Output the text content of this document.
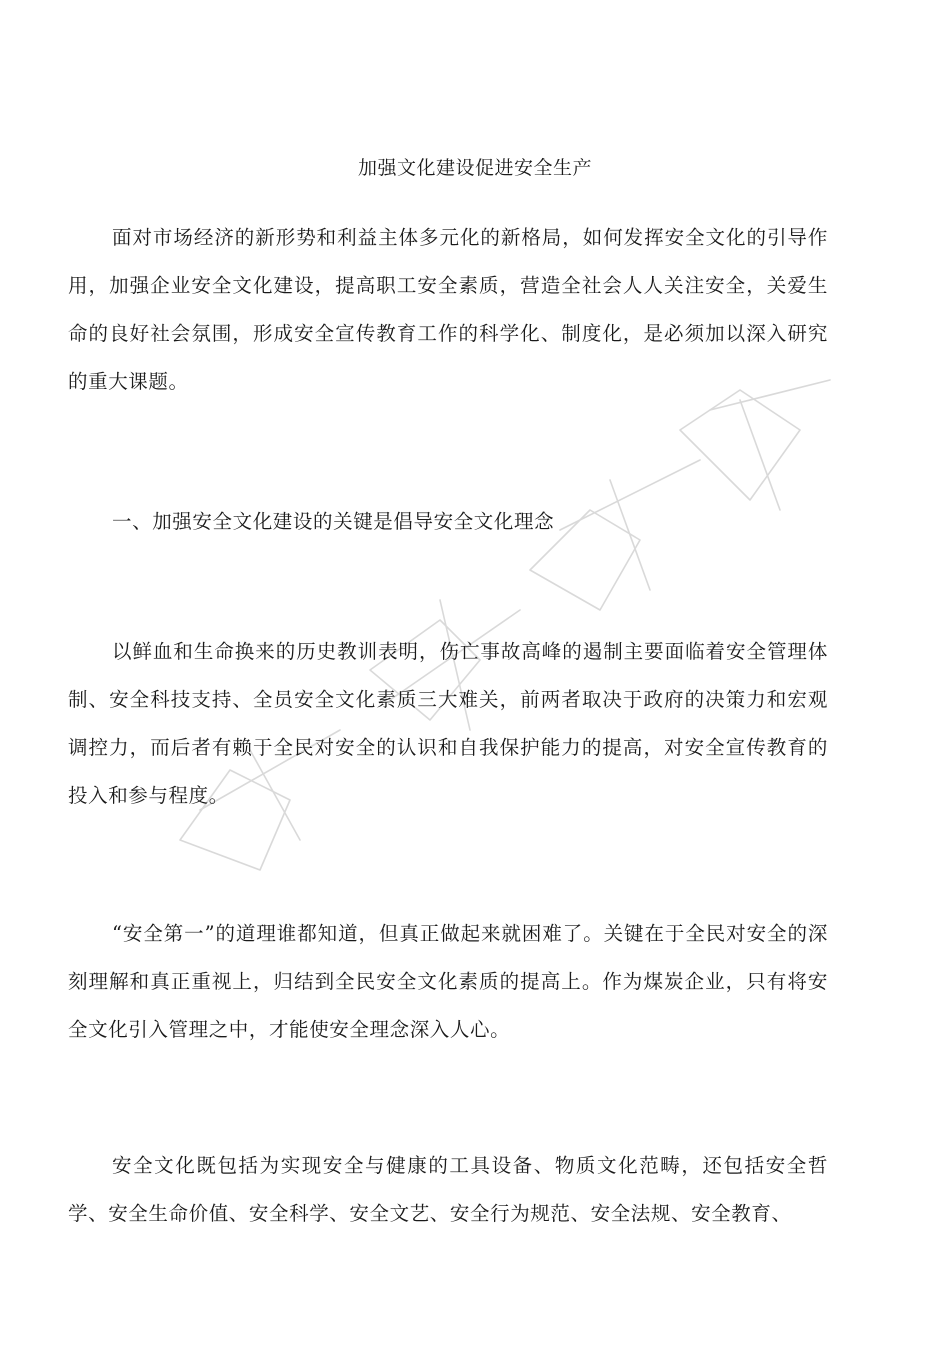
加强文化建设促进安全生产

面对市场经济的新形势和利益主体多元化的新格局，如何发挥安全文化的引导作用，加强企业安全文化建设，提高职工安全素质，营造全社会人人关注安全，关爱生命的良好社会氛围，形成安全宣传教育工作的科学化、制度化，是必须加以深入研究的重大课题。

一、加强安全文化建设的关键是倡导安全文化理念

以鲜血和生命换来的历史教训表明，伤亡事故高峰的遏制主要面临着安全管理体制、安全科技支持、全员安全文化素质三大难关，前两者取决于政府的决策力和宏观调控力，而后者有赖于全民对安全的认识和自我保护能力的提高，对安全宣传教育的投入和参与程度。

“安全第一”的道理谁都知道，但真正做起来就困难了。关键在于全民对安全的深刻理解和真正重视上，归结到全民安全文化素质的提高上。作为煤炭企业，只有将安全文化引入管理之中，才能使安全理念深入人心。

安全文化既包括为实现安全与健康的工具设备、物质文化范畴，还包括安全哲学、安全生命价值、安全科学、安全文艺、安全行为规范、安全法规、安全教育、
